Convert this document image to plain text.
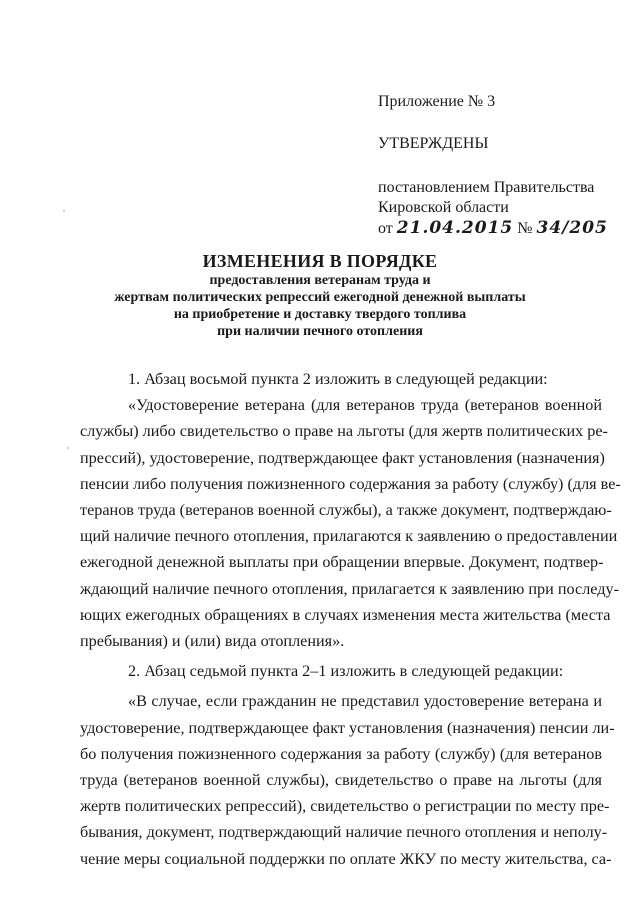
Приложение № 3
УТВЕРЖДЕНЫ
постановлением Правительства
Кировской области
от 21.04.2015 № 34/205
ИЗМЕНЕНИЯ В ПОРЯДКЕ
предоставления ветеранам труда и
жертвам политических репрессий ежегодной денежной выплаты
на приобретение и доставку твердого топлива
при наличии печного отопления

1. Абзац восьмой пункта 2 изложить в следующей редакции:

«Удостоверение ветерана (для ветеранов труда (ветеранов военной

службы) либо свидетельство о праве на льготы (для жертв политических ре-

прессий), удостоверение, подтверждающее факт установления (назначения)

пенсии либо получения пожизненного содержания за работу (службу) (для ве-

теранов труда (ветеранов военной службы), а также документ, подтверждаю-

щий наличие печного отопления, прилагаются к заявлению о предоставлении

ежегодной денежной выплаты при обращении впервые. Документ, подтвер-

ждающий наличие печного отопления, прилагается к заявлению при последу-

ющих ежегодных обращениях в случаях изменения места жительства (места

пребывания) и (или) вида отопления».

2. Абзац седьмой пункта 2–1 изложить в следующей редакции:

«В случае, если гражданин не представил удостоверение ветерана и

удостоверение, подтверждающее факт установления (назначения) пенсии ли-

бо получения пожизненного содержания за работу (службу) (для ветеранов

труда (ветеранов военной службы), свидетельство о праве на льготы (для

жертв политических репрессий), свидетельство о регистрации по месту пре-

бывания, документ, подтверждающий наличие печного отопления и неполу-

чение меры социальной поддержки по оплате ЖКУ по месту жительства, са-
